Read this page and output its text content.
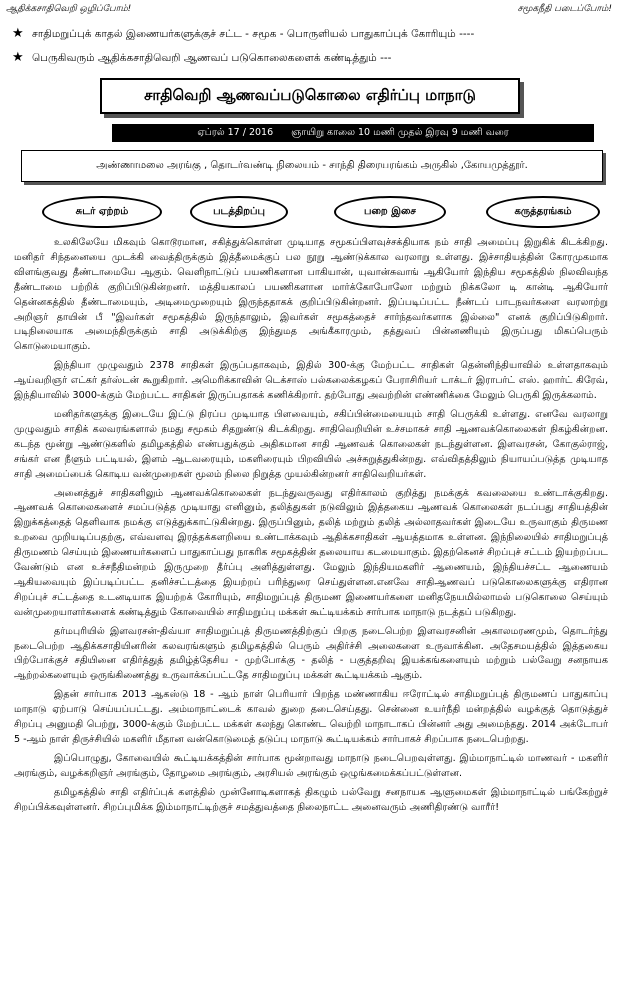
ஆதிக்கசாதிவெறி ஒழிப்போம்!	சமூகநீதி படைப்போம்!
★ சாதிமறுப்புக் காதல் இணையர்களுக்குச் சட்ட - சமூக - பொருளியல் பாதுகாப்புக் கோரியும் ----
★ பெருகிவரும் ஆதிக்கசாதிவெறி ஆணவப் படுகொலைகளைக் கண்டித்தும் ---
சாதிவெறி ஆணவப்படுகொலை எதிர்ப்பு மாநாடு
ஏப்ரல் 17 / 2016 ஞாயிறு காலை 10 மணி முதல் இரவு 9 மணி வரை
அண்ணாமலை அரங்கு , தொடர்வண்டி நிலையம் - சாந்தி திரையரங்கம் அருகில் ,கோயமுத்தூர்.
சுடர் ஏற்றம்	படத்திறப்பு	பறை இசை	கருத்தரங்கம்

உலகிலேயே மிகவும் கொடூரமான, சகித்துக்கொள்ள முடியாத சமூகப்பிளவுச்சக்தியாக நம் சாதி அமைப்பு இறுகிக் கிடக்கிறது. மனிதர் சிந்தனையை முடக்கி வைத்திருக்கும் இத்தீமைக்குப் பல நூறு ஆண்டுக்கால வரலாறு உள்ளது. இச்சாதியத்தின் கோரமுகமாக விளங்குவது தீண்டாமையே ஆகும். வெளிநாட்டுப் பயணிகளான பாகியான், யுவான்சுவாங் ஆகியோர் இந்திய சமூகத்தில் நிலவிவந்த தீண்டாமை பற்றிக் குறிப்பிடுகின்றனர். மத்தியகாலப் பயணிகளான மார்க்கோபோலோ மற்றும் நிக்கலோ டி கான்டி ஆகியோர் தென்னகத்தில் தீண்டாமையும், அடிமைமுறையும் இருந்ததாகக் குறிப்பிடுகின்றனர். இப்படிப்பட்ட நீண்டப் பாடநவர்களை வரலாற்று அறிஞர் தாயின் பீ "இவர்கள் சமூகத்தில் இருந்தாலும், இவர்கள் சமூகத்தைச் சார்ந்தவர்களாக இல்லை" எனக் குறிப்பிடுகிறார். படிநிலையாக அமைந்திருக்கும் சாதி அடுக்கிற்கு இந்துமத அங்கீகாரமும், தத்துவப் பின்னணியும் இருப்பது மிகப்பெரும் கொடுமையாகும்.

இந்தியா முழுவதும் 2378 சாதிகள் இருப்பதாகவும், இதில் 300-க்கு மேற்பட்ட சாதிகள் தென்னிந்தியாவில் உள்ளதாகவும் ஆய்வறிஞர் எட்கர் தர்ஸ்டன் கூறுகிறார். அமெரிக்காவின் டெக்சாஸ் பல்கலைக்கழகப் பேராசிரியர் டாக்டர் இராபர்ட் எஸ். ஹார்ட் கிரேவ், இந்தியாவில் 3000-க்கும் மேற்பட்ட சாதிகள் இருப்பதாகக் கணிக்கிறார். தற்போது அவற்றின் எண்ணிக்கை மேலும் பெருகி இருக்கலாம்.

மனிதர்களுக்கு இடையே இட்டு நிரப்ப முடியாத பிளவையும், சகிப்பின்மையையும் சாதி பெருக்கி உள்ளது. எனவே வரலாறு முழுவதும் சாதிக் கலவரங்களால் நமது சமூகம் சிதறுண்டு கிடக்கிறது. சாதிவெறியின் உச்சமாகச் சாதி ஆணவக்கொலைகள் நிகழ்கின்றன. கடந்த மூன்று ஆண்டுகளில் தமிழகத்தில் எண்பதுக்கும் அதிகமான சாதி ஆணவக் கொலைகள் நடந்துள்ளன. இளவரசன், கோகுல்ராஜ், சங்கர் என நீளும் பட்டியல், இளம் ஆடவரையும், மகளிரையும் பிறவியில் அச்சுறுத்துகின்றது. எவ்விதத்திலும் நியாயப்படுத்த முடியாத சாதி அமைப்பைக் கொடிய வன்முறைகள் மூலம் நிலை நிறுத்த முயல்கின்றனர் சாதிவெறியர்கள்.

அனைத்துச் சாதிகளிலும் ஆணவக்கொலைகள் நடந்துவருவது எதிர்காலம் குறித்து நமக்குக் கவலையை உண்டாக்குகிறது. ஆணவக் கொலைகளைச் சமப்படுத்த முடியாது எனினும், தலித்துகள் நடுவிலும் இத்தகைய ஆணவக் கொலைகள் நடப்பது சாதியத்தின் இறுக்கத்தைத் தெளிவாக நமக்கு எடுத்துக்காட்டுகின்றது. இருப்பினும், தலித் மற்றும் தலித் அல்லாதவர்கள் இடையே உருவாகும் திருமண உறவை முறியடிப்பதற்கு, எவ்வளவு இரத்தக்களறியை உண்டாக்கவும் ஆதிக்கசாதிகள் ஆயத்தமாக உள்ளன. இந்நிலையில் சாதிமறுப்புத் திருமணம் செய்யும் இணையர்களைப் பாதுகாப்பது நாகரிக சமூகத்தின் தலையாய கடமையாகும். இதற்கெனச் சிறப்புச் சட்டம் இயற்றப்பட வேண்டும் என உச்சநீதிமன்றம் இருமுறை தீர்ப்பு அளித்துள்ளது. மேலும் இந்தியமகளிர் ஆணையம், இந்தியச்சட்ட ஆணையம் ஆகியவையும் இப்படிப்பட்ட தனிச்சட்டத்தை இயற்றப் பரிந்துரை செய்துள்ளன.எனவே சாதிஆணவப் படுகொலைகளுக்கு எதிரான சிறப்புச் சட்டத்தை உடனடியாக இயற்றக் கோரியும், சாதிமறுப்புத் திருமண இணையர்களை மனிதநேயமில்லாமல் படுகொலை செய்யும் வன்முறையாளர்களைக் கண்டித்தும் கோவையில் சாதிமறுப்பு மக்கள் கூட்டியக்கம் சார்பாக மாநாடு நடத்தப் படுகிறது.

தர்மபுரியில் இளவரசன்-திவ்யா சாதிமறுப்புத் திருமணத்திற்குப் பிறகு நடைபெற்ற இளவரசனின் அகாலமரணமும், தொடர்ந்து நடைபெற்ற ஆதிக்கசாதியினரின் கலவரங்களும் தமிழகத்தில் பெரும் அதிர்ச்சி அலைகளை உருவாக்கின. அதேசமயத்தில் இத்தகைய பிற்போக்குச் சதியினை எதிர்த்துத் தமிழ்த்தேசிய - முற்போக்கு - தலித் - பகுத்தறிவு இயக்கங்களையும் மற்றும் பல்வேறு சனநாயக ஆற்றல்களையும் ஒருங்கிணைத்து உருவாக்கப்பட்டதே சாதிமறுப்பு மக்கள் கூட்டியக்கம் ஆகும்.

இதன் சார்பாக 2013 ஆகஸ்டு 18 - ஆம் நாள் பெரியார் பிறந்த மண்ணாகிய ஈரோட்டில் சாதிமறுப்புத் திருமணப் பாதுகாப்பு மாநாடு ஏற்பாடு செய்யப்பட்டது. அம்மாநாட்டைக் காவல் துறை தடைசெய்தது. சென்னை உயர்நீதி மன்றத்தில் வழக்குத் தொடுத்துச் சிறப்பு அனுமதி பெற்று, 3000-க்கும் மேற்பட்ட மக்கள் கலந்து கொண்ட வெற்றி மாநாடாகப் பின்னர் அது அமைந்தது. 2014 அக்டோபர் 5 -ஆம் நாள் திருச்சியில் மகளிர் மீதான வன்கொடுமைத் தடுப்பு மாநாடு கூட்டியக்கம் சார்பாகச் சிறப்பாக நடைபெற்றது.

இப்பொழுது, கோவையில் கூட்டியக்கத்தின் சார்பாக மூன்றாவது மாநாடு நடைபெறவுள்ளது. இம்மாநாட்டில் மாணவர் - மகளிர் அரங்கும், வழக்கறிஞர் அரங்கும், தோழமை அரங்கும், அரசியல் அரங்கும் ஒழுங்கமைக்கப்பட்டுள்ளன.

தமிழகத்தில் சாதி எதிர்ப்புக் களத்தில் முன்னோடிகளாகத் திகழும் பல்வேறு சனநாயக ஆளுமைகள் இம்மாநாட்டில் பங்கேற்றுச் சிறப்பிக்கவுள்ளனர். சிறப்புமிக்க இம்மாநாட்டிற்குச் சமத்துவத்தை நிலைநாட்ட அனைவரும் அணிதிரண்டு வாரீர்!
